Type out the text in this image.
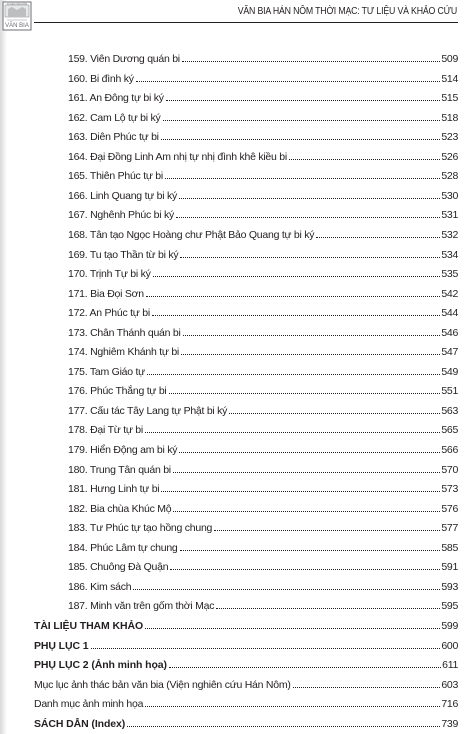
DI SẢN HÁN NÔM
VĂN BIA
VĂN BIA HÁN NÔM THỜI MẠC: TƯ LIỆU VÀ KHẢO CỨU
159. Viên Dương quán bi	509
160. Bi đình ký	514
161. An Đông tự bi ký	515
162. Cam Lộ tự bi ký	518
163. Diên Phúc tự bi	523
164. Đại Đồng Linh Am nhị tự nhị đình khê kiều bi	526
165. Thiên Phúc tự bi	528
166. Linh Quang tự bi ký	530
167. Nghênh Phúc bi ký	531
168. Tân tạo Ngọc Hoàng chư Phật Bảo Quang tự bi ký	532
169. Tu tạo Thần từ bi ký	534
170. Trịnh Tự bi ký	535
171. Bia Đọi Sơn	542
172. An Phúc tự bi	544
173. Chân Thánh quán bi	546
174. Nghiêm Khánh tự bi	547
175. Tam Giáo tự	549
176. Phúc Thắng tự bi	551
177. Cấu tác Tây Lang tự Phật bi ký	563
178. Đại Từ tự bi	565
179. Hiển Động am bi ký	566
180. Trung Tân quán bi	570
181. Hưng Linh tự bi	573
182. Bia chùa Khúc Mộ	576
183. Tư Phúc tự tạo hồng chung	577
184. Phúc Lâm tự chung	585
185. Chuông Đà Quận	591
186. Kim sách	593
187. Minh văn trên gốm thời Mạc	595
TÀI LIỆU THAM KHẢO	599
PHỤ LỤC 1	600
PHỤ LỤC 2 (Ảnh minh họa)	611
Mục lục ảnh thác bản văn bia (Viện nghiên cứu Hán Nôm)	603
Danh mục ảnh minh họa	716
SÁCH DẪN (Index)	739
